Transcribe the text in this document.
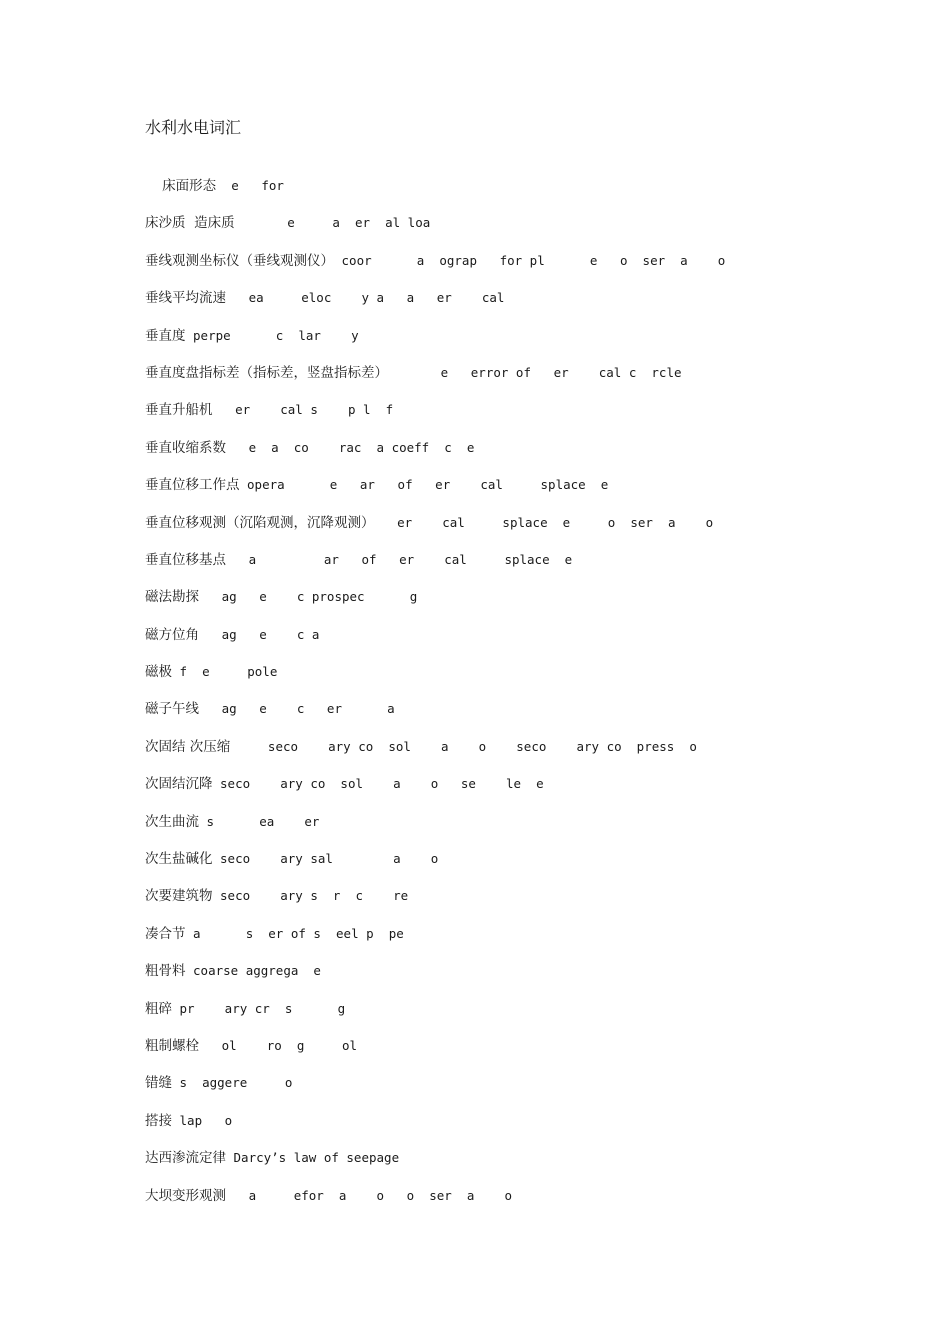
水利水电词汇
床面形态  e   for
床沙质  造床质       e     a  er  al loa
垂线观测坐标仪（垂线观测仪） coor      a  ograp   for pl      e   o  ser  a    o
垂线平均流速   ea     eloc    y a   a   er    cal
垂直度 perpe      c  lar    y
垂直度盘指标差（指标差，竖盘指标差）       e   error of   er    cal c  rcle
垂直升船机   er    cal s    p l  f
垂直收缩系数   e  a  co    rac  a coeff  c  e
垂直位移工作点 opera      e   ar   of   er    cal     splace  e
垂直位移观测（沉陷观测，沉降观测）   er    cal     splace  e     o  ser  a    o
垂直位移基点   a         ar   of   er    cal     splace  e
磁法勘探   ag   e    c prospec      g
磁方位角   ag   e    c a
磁极 f  e     pole
磁子午线   ag   e    c   er      a
次固结 次压缩     seco    ary co  sol    a    o    seco    ary co  press  o
次固结沉降 seco    ary co  sol    a    o   se    le  e
次生曲流 s      ea    er
次生盐碱化 seco    ary sal        a    o
次要建筑物 seco    ary s  r  c    re
凑合节 a      s  er of s  eel p  pe
粗骨料 coarse aggrega  e
粗碎 pr    ary cr  s      g
粗制螺栓   ol    ro  g     ol
错缝 s  aggere     o
搭接 lap   o
达西渗流定律 Darcy’s law of seepage
大坝变形观测   a     efor  a    o   o  ser  a    o
